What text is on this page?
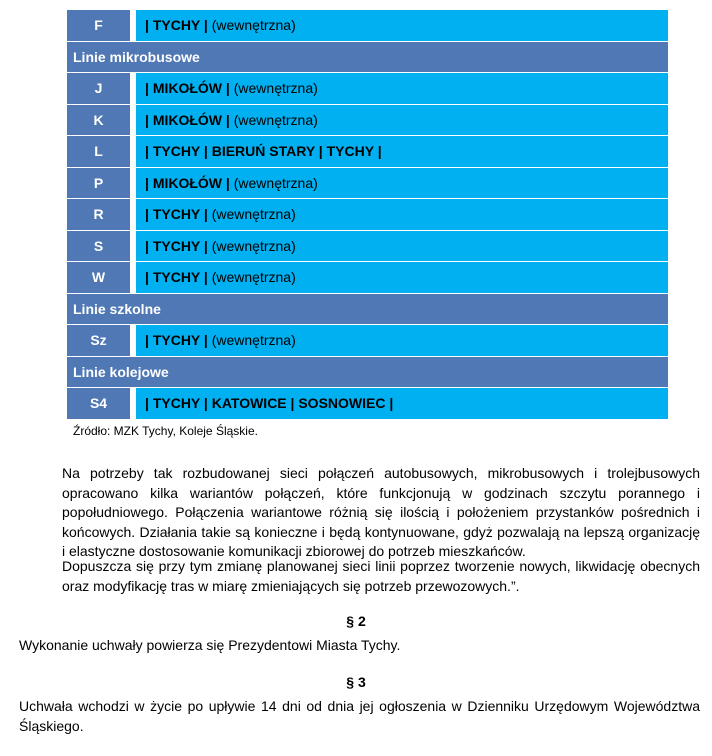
F	| TYCHY | (wewnętrzna)
Linie mikrobusowe
J	| MIKOŁÓW | (wewnętrzna)
K	| MIKOŁÓW | (wewnętrzna)
L	| TYCHY | BIERUŃ STARY | TYCHY |
P	| MIKOŁÓW | (wewnętrzna)
R	| TYCHY | (wewnętrzna)
S	| TYCHY | (wewnętrzna)
W	| TYCHY | (wewnętrzna)
Linie szkolne
Sz	| TYCHY | (wewnętrzna)
Linie kolejowe
S4	| TYCHY | KATOWICE | SOSNOWIEC |
Źródło: MZK Tychy, Koleje Śląskie.

Na potrzeby tak rozbudowanej sieci połączeń autobusowych, mikrobusowych i trolejbusowych opracowano kilka wariantów połączeń, które funkcjonują w godzinach szczytu porannego i popołudniowego. Połączenia wariantowe różnią się ilością i położeniem przystanków pośrednich i końcowych. Działania takie są konieczne i będą kontynuowane, gdyż pozwalają na lepszą organizację i elastyczne dostosowanie komunikacji zbiorowej do potrzeb mieszkańców.

Dopuszcza się przy tym zmianę planowanej sieci linii poprzez tworzenie nowych, likwidację obecnych oraz modyfikację tras w miarę zmieniających się potrzeb przewozowych.”.

§ 2

Wykonanie uchwały powierza się Prezydentowi Miasta Tychy.

§ 3

Uchwała wchodzi w życie po upływie 14 dni od dnia jej ogłoszenia w Dzienniku Urzędowym Województwa Śląskiego.
